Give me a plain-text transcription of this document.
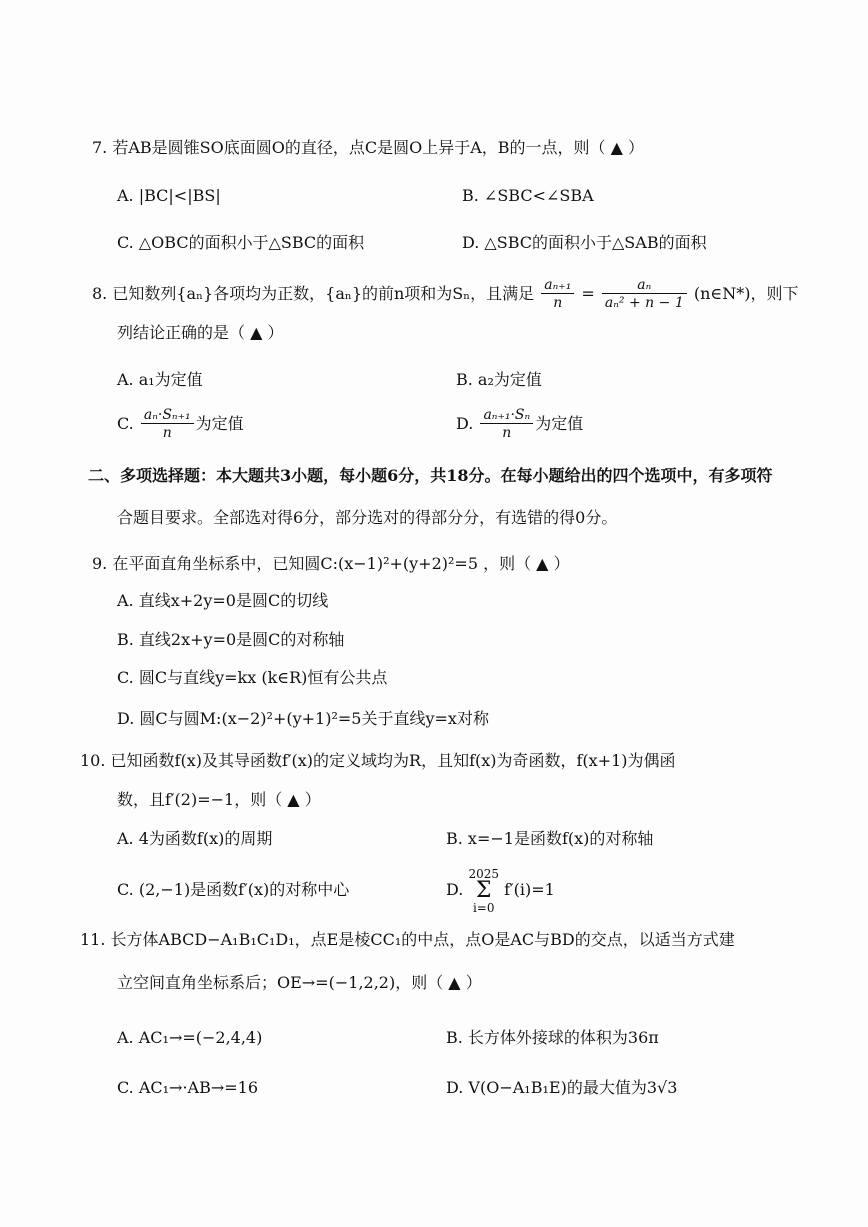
7. 若AB是圆锥SO底面圆O的直径，点C是圆O上异于A，B的一点，则（ ▲ ）
A. |BC|<|BS|	B. ∠SBC<∠SBA
C. △OBC的面积小于△SBC的面积	D. △SBC的面积小于△SAB的面积
8. 已知数列{aₙ}各项均为正数，{aₙ}的前n项和为Sₙ，且满足 $\frac{\text{aₙ₊₁}}{n} = \frac{\text{aₙ}}{\text{aₙ² + n − 1}}$ (n∈N*)，则下
列结论正确的是（ ▲ ）
A. a₁为定值	B. a₂为定值
C. $\frac{\text{aₙ·Sₙ₊₁}}{n}$ 为定值	D. $\frac{\text{aₙ₊₁·Sₙ}}{n}$ 为定值
二、多项选择题：本大题共3小题，每小题6分，共18分。在每小题给出的四个选项中，有多项符
合题目要求。全部选对得6分，部分选对的得部分分，有选错的得0分。
9. 在平面直角坐标系中，已知圆C:(x−1)²+(y+2)²=5 ，则（ ▲ ）
A. 直线x+2y=0是圆C的切线
B. 直线2x+y=0是圆C的对称轴
C. 圆C与直线y=kx (k∈R)恒有公共点
D. 圆C与圆M:(x−2)²+(y+1)²=5关于直线y=x对称
10. 已知函数f(x)及其导函数f′(x)的定义域均为R，且知f(x)为奇函数，f(x+1)为偶函
数，且f′(2)=−1，则（ ▲ ）
A. 4为函数f(x)的周期	B. x=−1是函数f(x)的对称轴
C. (2,−1)是函数f′(x)的对称中心	D. 2025
Σ
i=0 f′(i)=1
11. 长方体ABCD−A₁B₁C₁D₁，点E是棱CC₁的中点，点O是AC与BD的交点，以适当方式建
立空间直角坐标系后；OE→=(−1,2,2)，则（ ▲ ）
A. AC₁→=(−2,4,4)	B. 长方体外接球的体积为36π
C. AC₁→·AB→=16	D. V(O−A₁B₁E)的最大值为3√3
